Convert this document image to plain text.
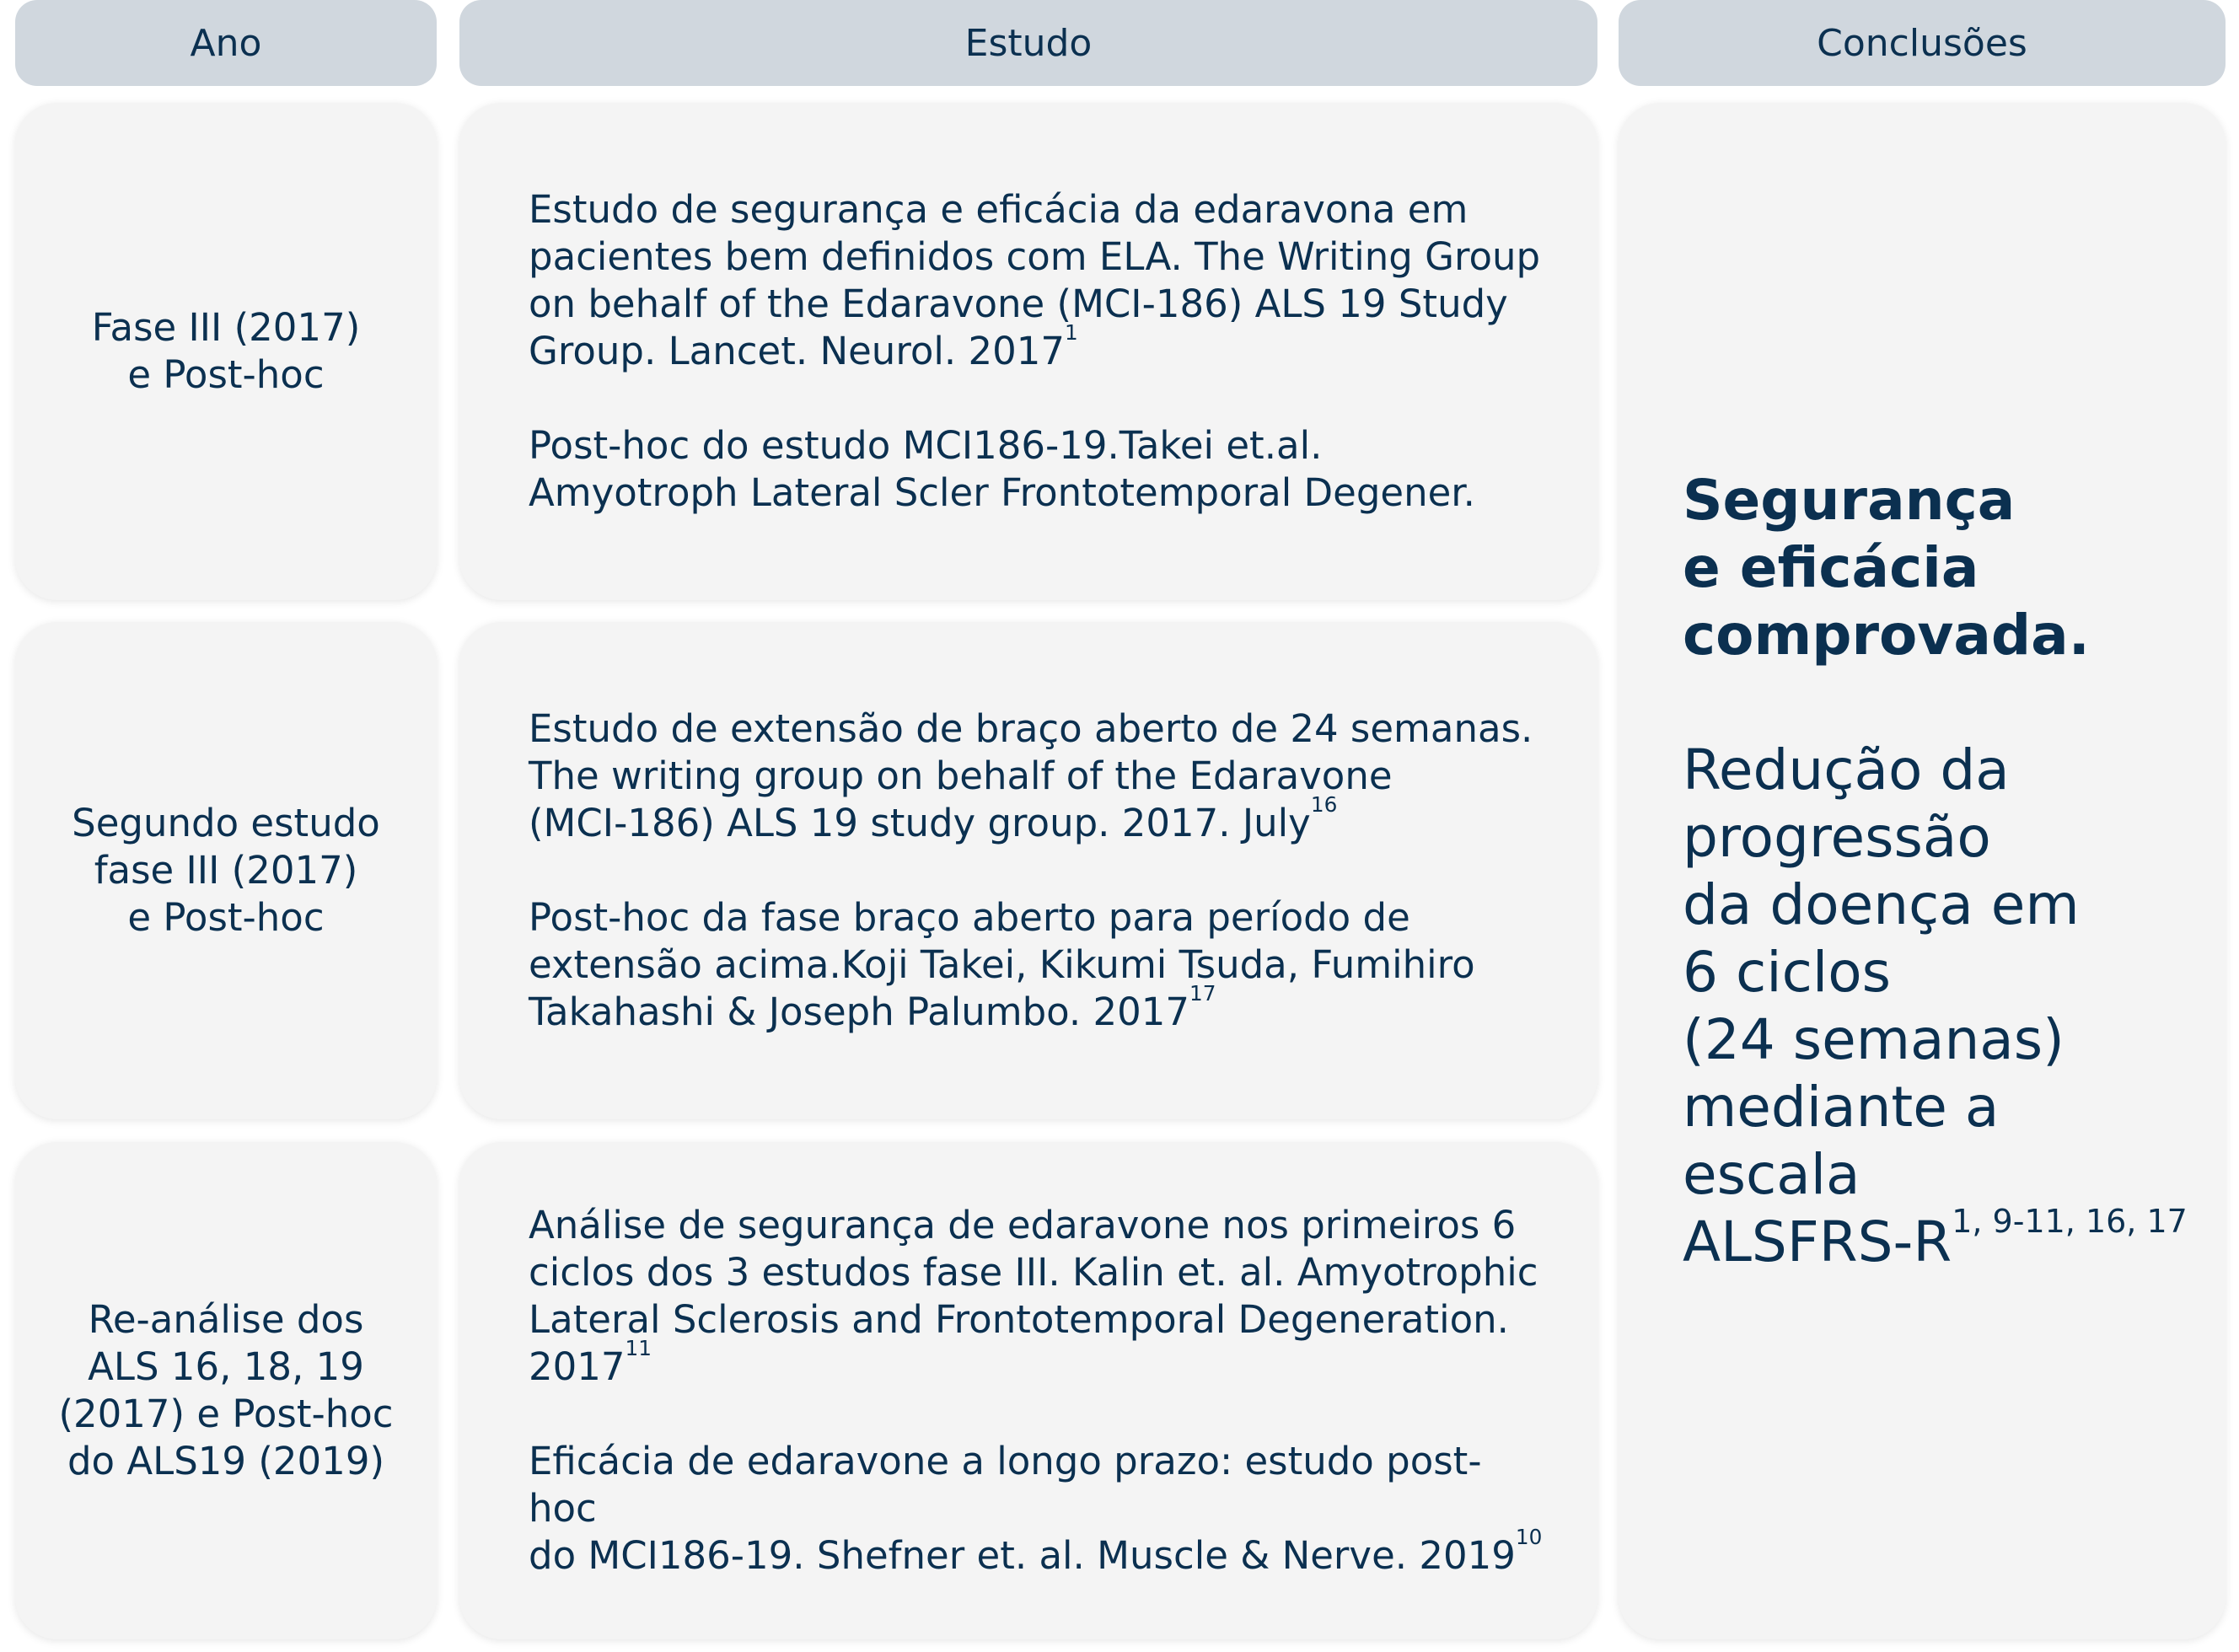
Ano	Estudo	Conclusões
Fase III (2017)
e Post-hoc

Estudo de segurança e eficácia da edaravona em
pacientes bem definidos com ELA. The Writing Group
on behalf of the Edaravone (MCI-186) ALS 19 Study
Group. Lancet. Neurol. 2017$^1$

Post-hoc do estudo MCI186-19.Takei et.al.
Amyotroph Lateral Scler Frontotemporal Degener.

Segundo estudo
fase III (2017)
e Post-hoc

Estudo de extensão de braço aberto de 24 semanas.
The writing group on behalf of the Edaravone
(MCI-186) ALS 19 study group. 2017. July$^{16}$

Post-hoc da fase braço aberto para período de
extensão acima.Koji Takei, Kikumi Tsuda, Fumihiro
Takahashi & Joseph Palumbo. 2017$^{17}$

Re-análise dos
ALS 16, 18, 19
(2017) e Post-hoc
do ALS19 (2019)

Análise de segurança de edaravone nos primeiros 6
ciclos dos 3 estudos fase III. Kalin et. al. Amyotrophic
Lateral Sclerosis and Frontotemporal Degeneration.
2017$^{11}$

Eficácia de edaravone a longo prazo: estudo post-hoc
do MCI186-19. Shefner et. al. Muscle & Nerve. 2019$^{10}$

Segurança
e eficácia
comprovada.
Redução da
progressão
da doença em
6 ciclos
(24 semanas)
mediante a escala
ALSFRS-$R^{1, 9-11, 16, 17}$
